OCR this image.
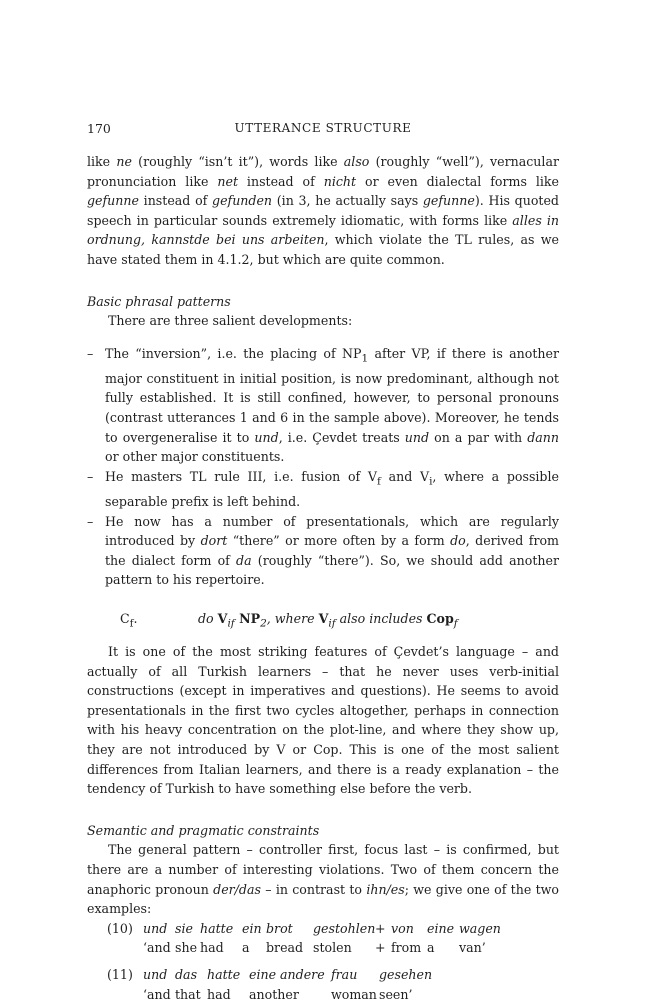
170	UTTERANCE STRUCTURE

like ne (roughly “isn’t it”), words like also (roughly “well”), vernacular pronunciation like net instead of nicht or even dialectal forms like gefunne instead of gefunden (in 3, he actually says gefunne). His quoted speech in particular sounds extremely idiomatic, with forms like alles in ordnung, kannstde bei uns arbeiten, which violate the TL rules, as we have stated them in 4.1.2, but which are quite common.

Basic phrasal patterns

There are three salient developments:

– The “inversion”, i.e. the placing of $NP_1$ after VP, if there is another major constituent in initial position, is now predominant, although not fully established. It is still confined, however, to personal pronouns (contrast utterances 1 and 6 in the sample above). Moreover, he tends to overgeneralise it to und, i.e. Çevdet treats und on a par with dann or other major constituents.
– He masters TL rule III, i.e. fusion of $V_f$ and $V_i$, where a possible separable prefix is left behind.
– He now has a number of presentationals, which are regularly introduced by dort “there” or more often by a form do, derived from the dialect form of da (roughly “there”). So, we should add another pattern to his repertoire.
$C_f$.	do $V_{if}$ $NP_2$, where $V_{if}$ also includes Cop$_f$

It is one of the most striking features of Çevdet’s language – and actually of all Turkish learners – that he never uses verb-initial constructions (except in imperatives and questions). He seems to avoid presentationals in the first two cycles altogether, perhaps in connection with his heavy concentration on the plot-line, and where they show up, they are not introduced by V or Cop. This is one of the most salient differences from Italian learners, and there is a ready explanation – the tendency of Turkish to have something else before the verb.

Semantic and pragmatic constraints

The general pattern – controller first, focus last – is confirmed, but there are a number of interesting violations. Two of them concern the anaphoric pronoun der/das – in contrast to ihn/es; we give one of the two examples:

(10) und sie hatte ein brot	gestohlen + von	eine wagen
‘and she had	a	bread stolen	+ from a	van’
(11) und das hatte eine andere frau	gesehen
‘and that had	another	woman seen’
